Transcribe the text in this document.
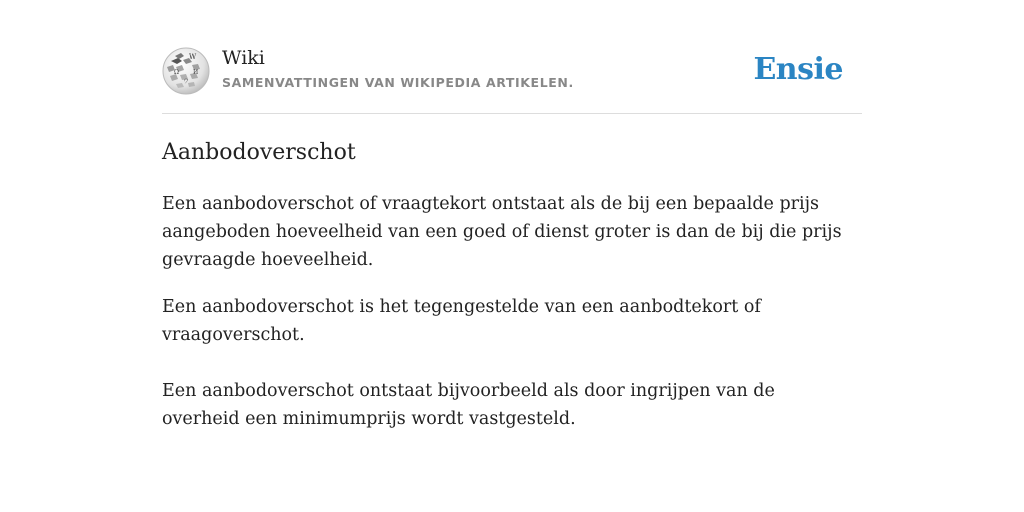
W
Ω И
ウ
Wiki
SAMENVATTINGEN VAN WIKIPEDIA ARTIKELEN.	Ensie
Aanbodoverschot

Een aanbodoverschot of vraagtekort ontstaat als de bij een bepaalde prijs aangeboden hoeveelheid van een goed of dienst groter is dan de bij die prijs gevraagde hoeveelheid.

Een aanbodoverschot is het tegengestelde van een aanbodtekort of vraagoverschot.

Een aanbodoverschot ontstaat bijvoorbeeld als door ingrijpen van de overheid een minimumprijs wordt vastgesteld.
